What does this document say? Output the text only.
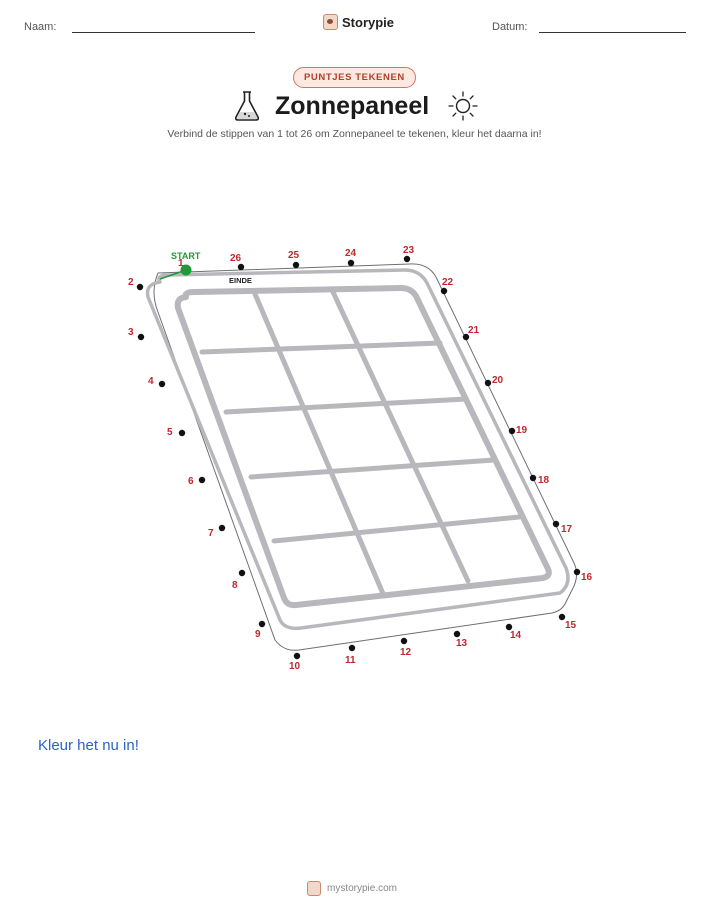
Naam:	Storypie	Datum:
PUNTJES TEKENEN
Zonnepaneel
Verbind de stippen van 1 tot 26 om Zonnepaneel te tekenen, kleur het daarna in!
START
EINDE
1
2
3
4
5
6
7
8
9
10
11
12
13
14
15
16
17
18
19
20
21
22
23
24
25
26
Kleur het nu in!
mystorypie.com
